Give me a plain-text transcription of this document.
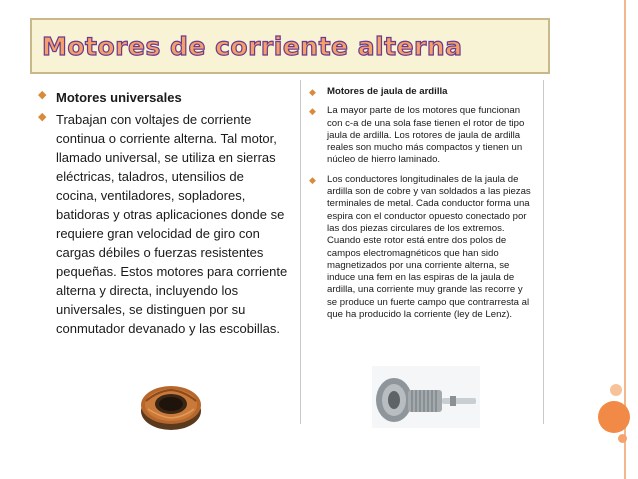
Motores de corriente alterna
◆ Motores universales
◆ Trabajan con voltajes de corriente continua o corriente alterna. Tal motor, llamado universal, se utiliza en sierras eléctricas, taladros, utensilios de cocina, ventiladores, sopladores, batidoras y otras aplicaciones donde se requiere gran velocidad de giro con cargas débiles o fuerzas resistentes pequeñas. Estos motores para corriente alterna y directa, incluyendo los universales, se distinguen por su conmutador devanado y las escobillas.
◆	Motores de jaula de ardilla
◆	La mayor parte de los motores que funcionan con c-a de una sola fase tienen el rotor de tipo jaula de ardilla. Los rotores de jaula de ardilla reales son mucho más compactos y tienen un núcleo de hierro laminado.
◆	Los conductores longitudinales de la jaula de ardilla son de cobre y van soldados a las piezas terminales de metal. Cada conductor forma una espira con el conductor opuesto conectado por las dos piezas circulares de los extremos. Cuando este rotor está entre dos polos de campos electromagnéticos que han sido magnetizados por una corriente alterna, se induce una fem en las espiras de la jaula de ardilla, una corriente muy grande las recorre y se produce un fuerte campo que contrarresta al que ha producido la corriente (ley de Lenz).
